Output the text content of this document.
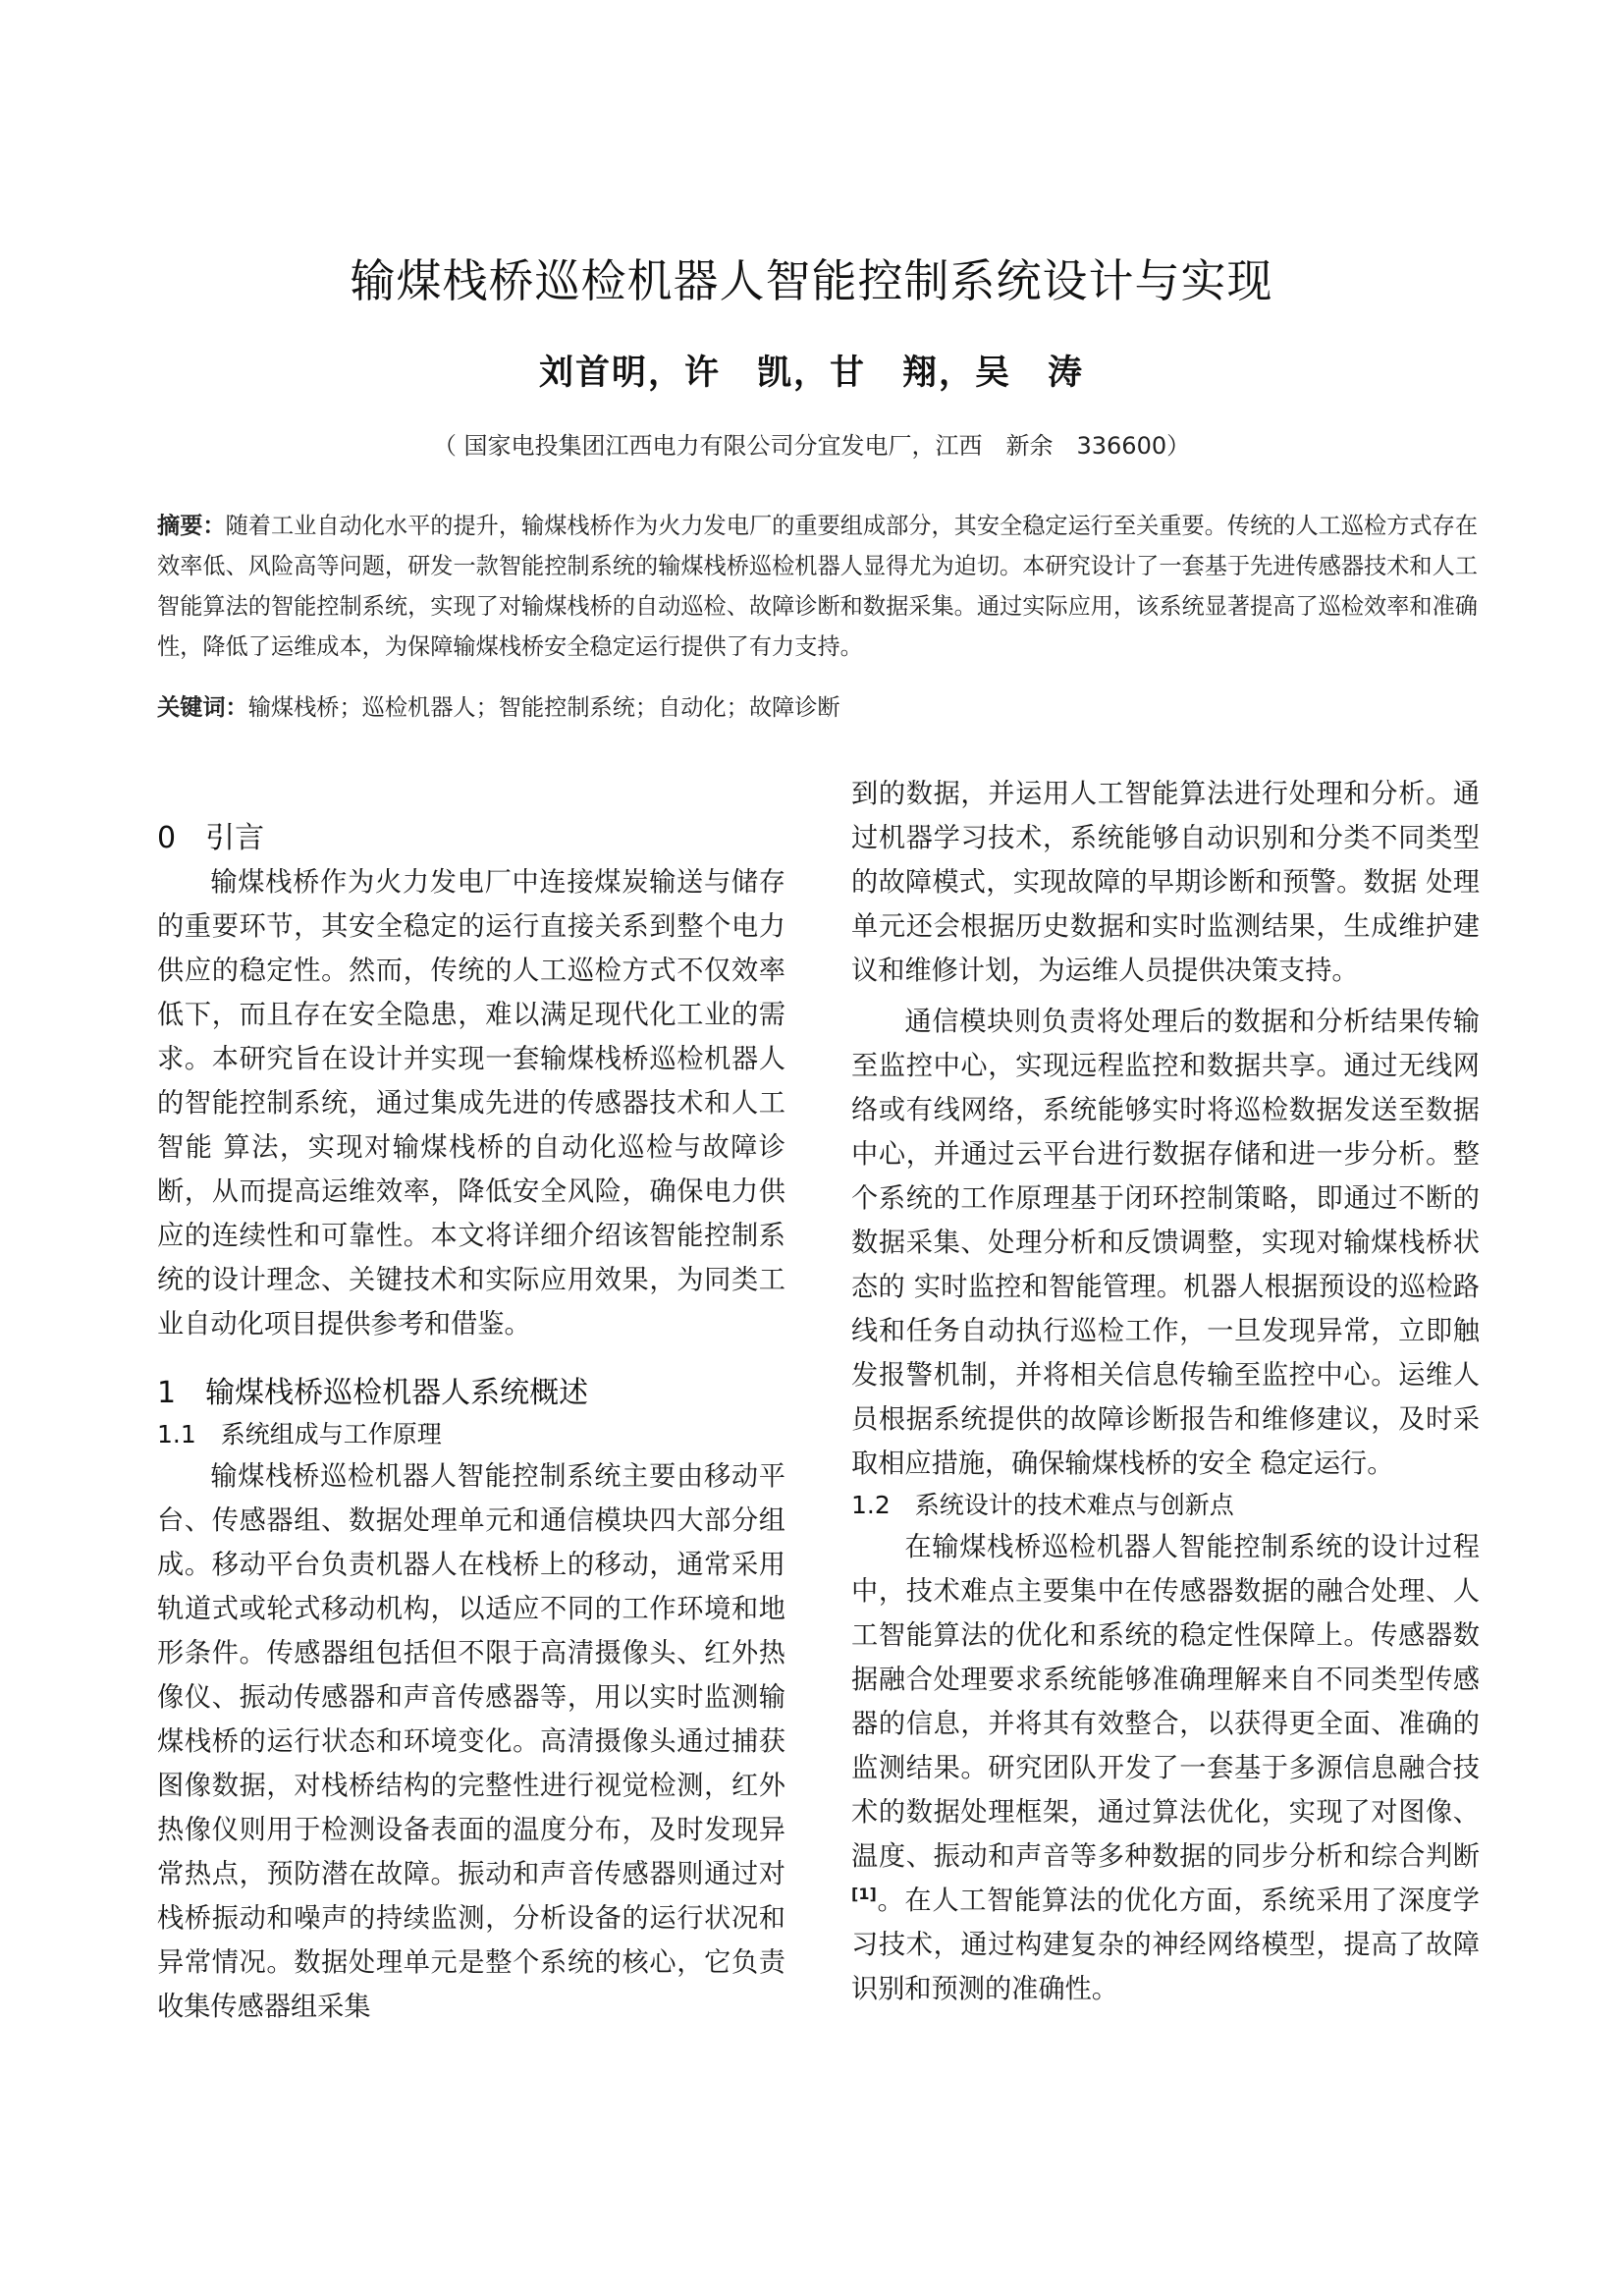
输煤栈桥巡检机器人智能控制系统设计与实现
刘首明，许　凯，甘　翔，吴　涛
（ 国家电投集团江西电力有限公司分宜发电厂，江西　新余　336600）
摘要：随着工业自动化水平的提升，输煤栈桥作为火力发电厂的重要组成部分，其安全稳定运行至关重要。传统的人工巡检方式存在效率低、风险高等问题，研发一款智能控制系统的输煤栈桥巡检机器人显得尤为迫切。本研究设计了一套基于先进传感器技术和人工智能算法的智能控制系统，实现了对输煤栈桥的自动巡检、故障诊断和数据采集。通过实际应用，该系统显著提高了巡检效率和准确性，降低了运维成本，为保障输煤栈桥安全稳定运行提供了有力支持。
关键词：输煤栈桥；巡检机器人；智能控制系统；自动化；故障诊断

0　引言

输煤栈桥作为火力发电厂中连接煤炭输送与储存的重要环节，其安全稳定的运行直接关系到整个电力供应的稳定性。然而，传统的人工巡检方式不仅效率低下，而且存在安全隐患，难以满足现代化工业的需求。本研究旨在设计并实现一套输煤栈桥巡检机器人的智能控制系统，通过集成先进的传感器技术和人工智能 算法，实现对输煤栈桥的自动化巡检与故障诊断，从而提高运维效率，降低安全风险，确保电力供应的连续性和可靠性。本文将详细介绍该智能控制系统的设计理念、关键技术和实际应用效果，为同类工业自动化项目提供参考和借鉴。

1　输煤栈桥巡检机器人系统概述

1.1　系统组成与工作原理

输煤栈桥巡检机器人智能控制系统主要由移动平台、传感器组、数据处理单元和通信模块四大部分组成。移动平台负责机器人在栈桥上的移动，通常采用轨道式或轮式移动机构，以适应不同的工作环境和地形条件。传感器组包括但不限于高清摄像头、红外热像仪、振动传感器和声音传感器等，用以实时监测输煤栈桥的运行状态和环境变化。高清摄像头通过捕获图像数据，对栈桥结构的完整性进行视觉检测，红外热像仪则用于检测设备表面的温度分布，及时发现异常热点，预防潜在故障。振动和声音传感器则通过对栈桥振动和噪声的持续监测，分析设备的运行状况和异常情况。数据处理单元是整个系统的核心，它负责收集传感器组采集

到的数据，并运用人工智能算法进行处理和分析。通过机器学习技术，系统能够自动识别和分类不同类型的故障模式，实现故障的早期诊断和预警。数据 处理单元还会根据历史数据和实时监测结果，生成维护建议和维修计划，为运维人员提供决策支持。

通信模块则负责将处理后的数据和分析结果传输至监控中心，实现远程监控和数据共享。通过无线网络或有线网络，系统能够实时将巡检数据发送至数据中心，并通过云平台进行数据存储和进一步分析。整个系统的工作原理基于闭环控制策略，即通过不断的数据采集、处理分析和反馈调整，实现对输煤栈桥状态的 实时监控和智能管理。机器人根据预设的巡检路线和任务自动执行巡检工作，一旦发现异常，立即触发报警机制，并将相关信息传输至监控中心。运维人员根据系统提供的故障诊断报告和维修建议，及时采取相应措施，确保输煤栈桥的安全 稳定运行。

1.2　系统设计的技术难点与创新点

在输煤栈桥巡检机器人智能控制系统的设计过程中，技术难点主要集中在传感器数据的融合处理、人工智能算法的优化和系统的稳定性保障上。传感器数据融合处理要求系统能够准确理解来自不同类型传感器的信息，并将其有效整合，以获得更全面、准确的监测结果。研究团队开发了一套基于多源信息融合技术的数据处理框架，通过算法优化，实现了对图像、温度、振动和声音等多种数据的同步分析和综合判断[1]。在人工智能算法的优化方面，系统采用了深度学习技术，通过构建复杂的神经网络模型，提高了故障识别和预测的准确性。
